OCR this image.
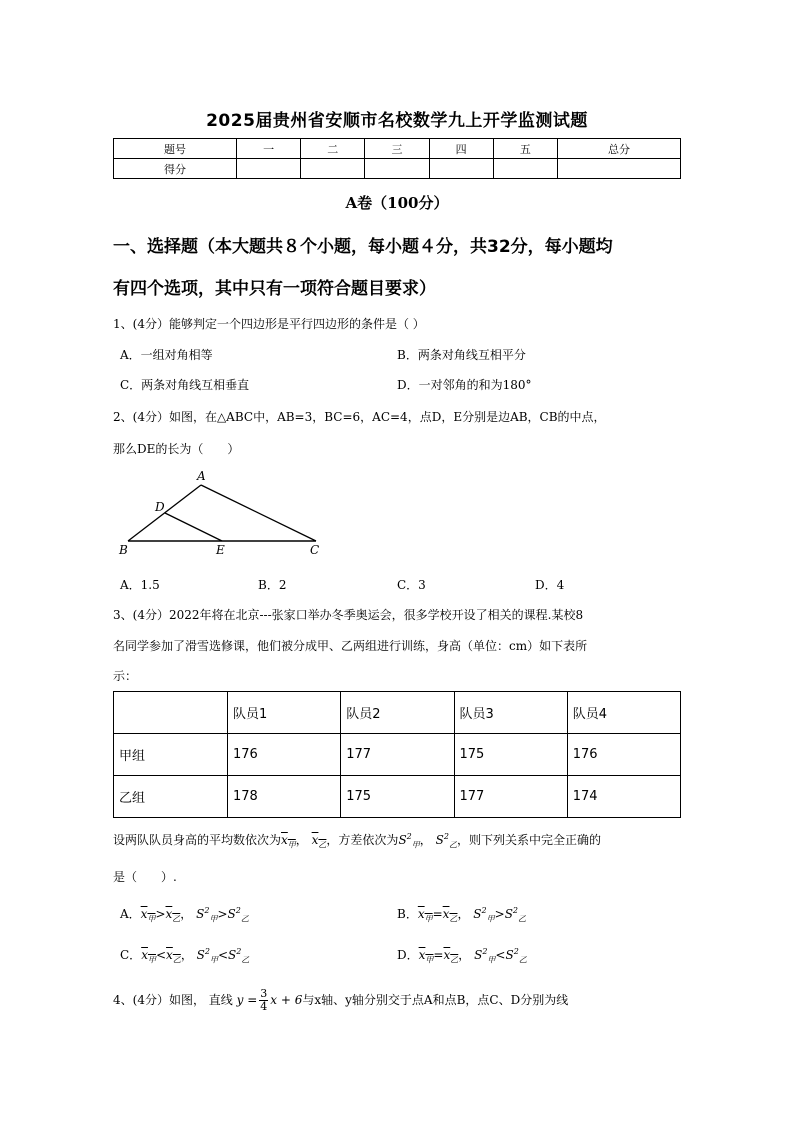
2025届贵州省安顺市名校数学九上开学监测试题
题号	一	二	三	四	五	总分
得分						
A卷（100分）
一、选择题（本大题共８个小题，每小题４分，共32分，每小题均
有四个选项，其中只有一项符合题目要求）
1、(4分）能够判定一个四边形是平行四边形的条件是（ ）
A．一组对角相等	B．两条对角线互相平分
C．两条对角线互相垂直	D．一对邻角的和为180°
2、(4分）如图，在△ABC中，AB=3，BC=6，AC=4，点D，E分别是边AB，CB的中点，
那么DE的长为（　　）
A
D
B	E	C
A．1.5	B．2	C．3	D．4
3、(4分）2022年将在北京---张家口举办冬季奥运会，很多学校开设了相关的课程.某校8
名同学参加了滑雪选修课，他们被分成甲、乙两组进行训练，身高（单位：cm）如下表所
示：
	队员1	队员2	队员3	队员4
甲组	176	177	175	176
乙组	178	175	177	174
设两队队员身高的平均数依次为$x_甲$， $x_乙$，方差依次为$S^2_甲$， $S^2_乙$，则下列关系中完全正确的
是（　　）.
A．$x_甲>x_乙$， $S^2_甲>S^2_乙$	B．$x_甲=x_乙$， $S^2_甲>S^2_乙$
C．$x_甲<x_乙$， $S^2_甲<S^2_乙$	D．$x_甲=x_乙$， $S^2_甲<S^2_乙$
4、(4分）如图， 直线 $y = \frac{3}{4}$ x + 6与x轴、y轴分别交于点A和点B，点C、D分别为线
